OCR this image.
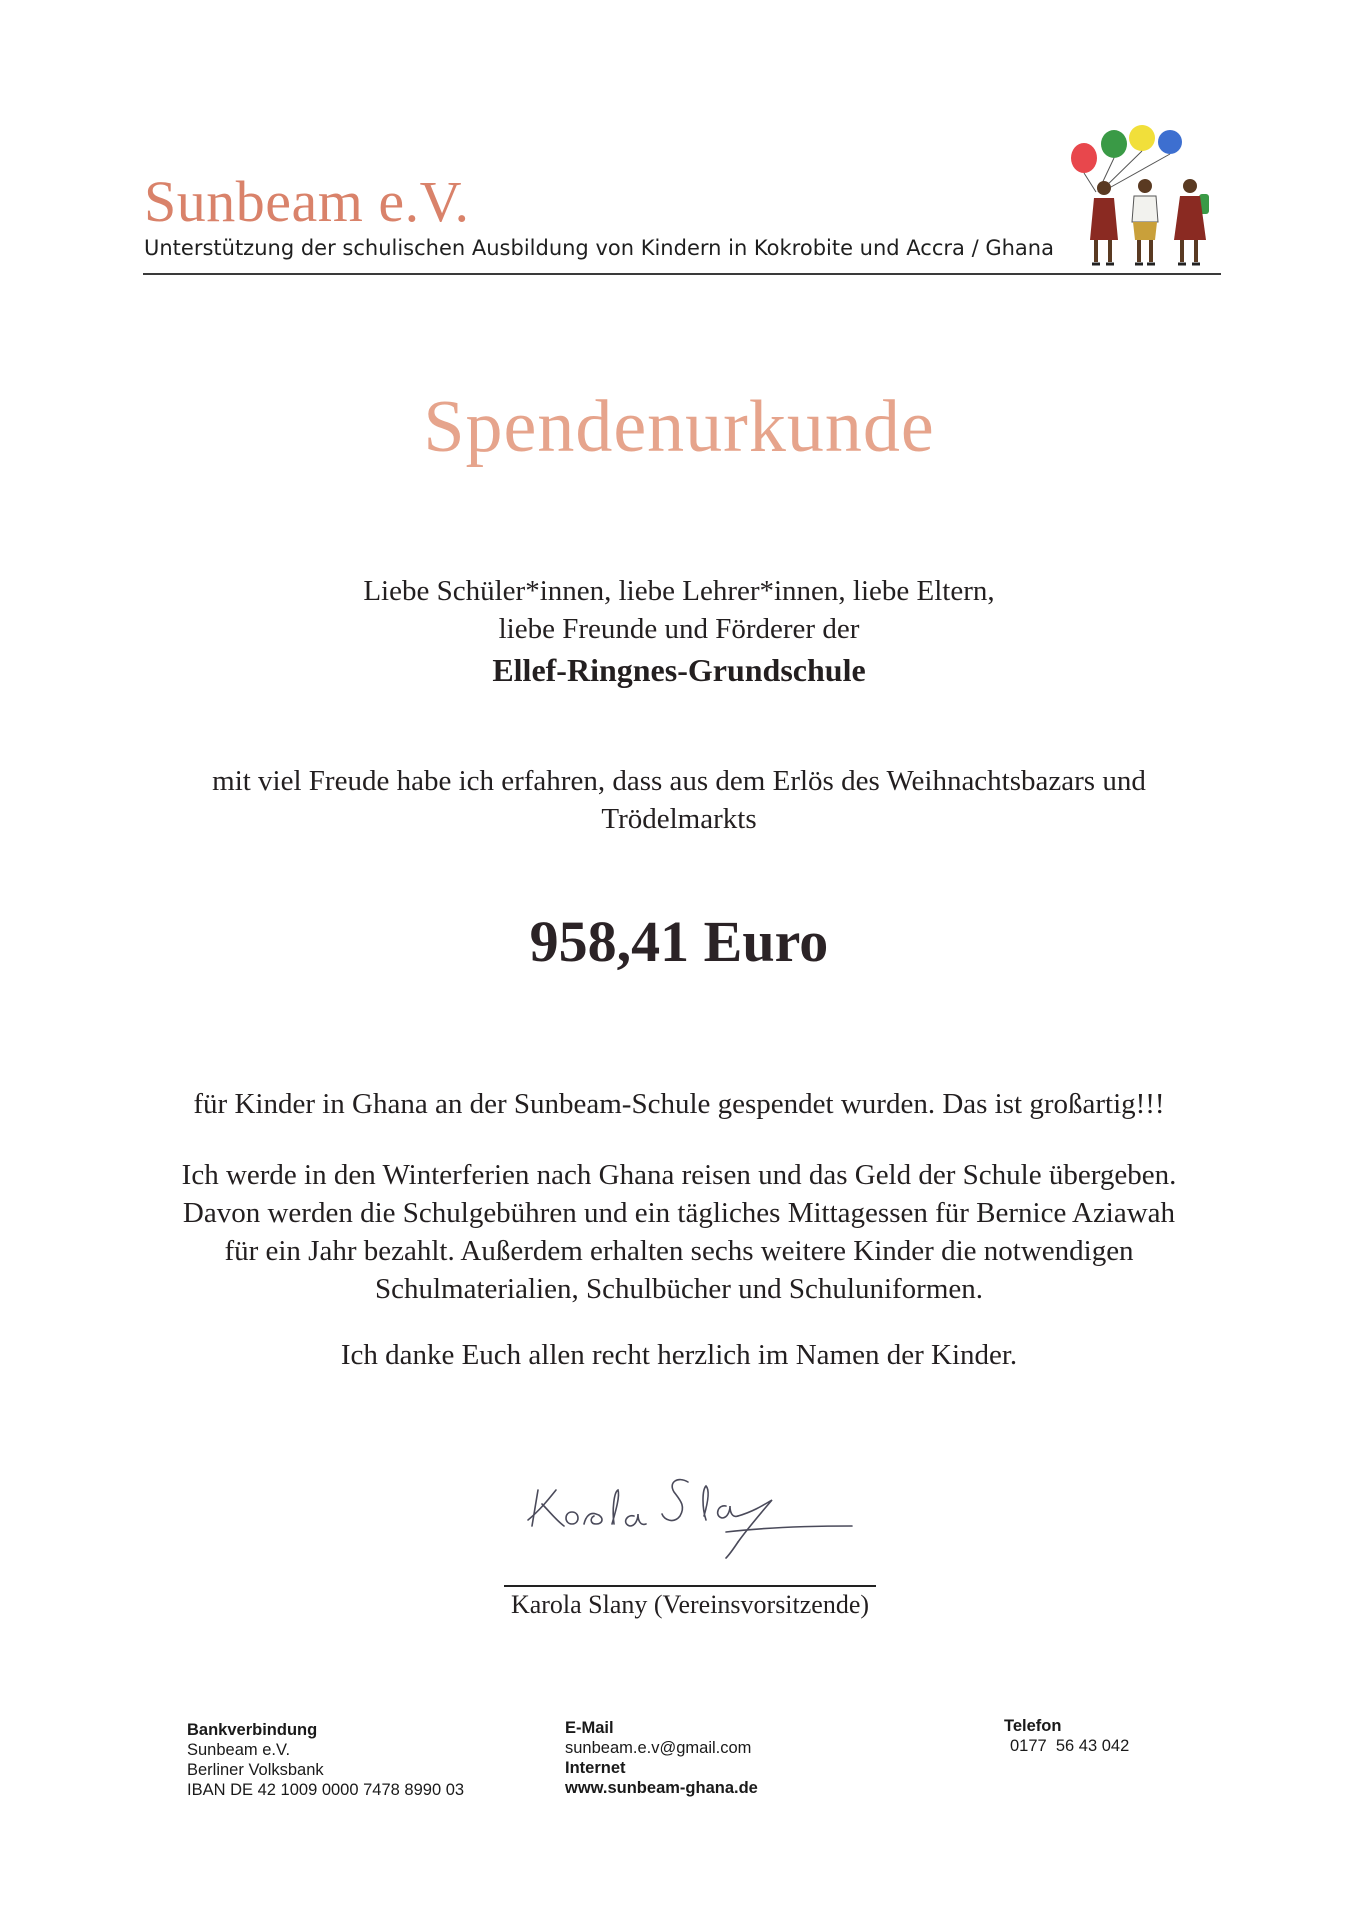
Sunbeam e.V.
Unterstützung der schulischen Ausbildung von Kindern in Kokrobite und Accra / Ghana
Spendenurkunde
Liebe Schüler*innen, liebe Lehrer*innen, liebe Eltern,
liebe Freunde und Förderer der
Ellef-Ringnes-Grundschule
mit viel Freude habe ich erfahren, dass aus dem Erlös des Weihnachtsbazars und
Trödelmarkts
958,41 Euro
für Kinder in Ghana an der Sunbeam-Schule gespendet wurden. Das ist großartig!!!
Ich werde in den Winterferien nach Ghana reisen und das Geld der Schule übergeben.
Davon werden die Schulgebühren und ein tägliches Mittagessen für Bernice Aziawah
für ein Jahr bezahlt. Außerdem erhalten sechs weitere Kinder die notwendigen
Schulmaterialien, Schulbücher und Schuluniformen.
Ich danke Euch allen recht herzlich im Namen der Kinder.
Karola Slany (Vereinsvorsitzende)
Bankverbindung
Sunbeam e.V.
Berliner Volksbank
IBAN DE 42 1009 0000 7478 8990 03
E-Mail
sunbeam.e.v@gmail.com
Internet
www.sunbeam-ghana.de
Telefon
0177  56 43 042
